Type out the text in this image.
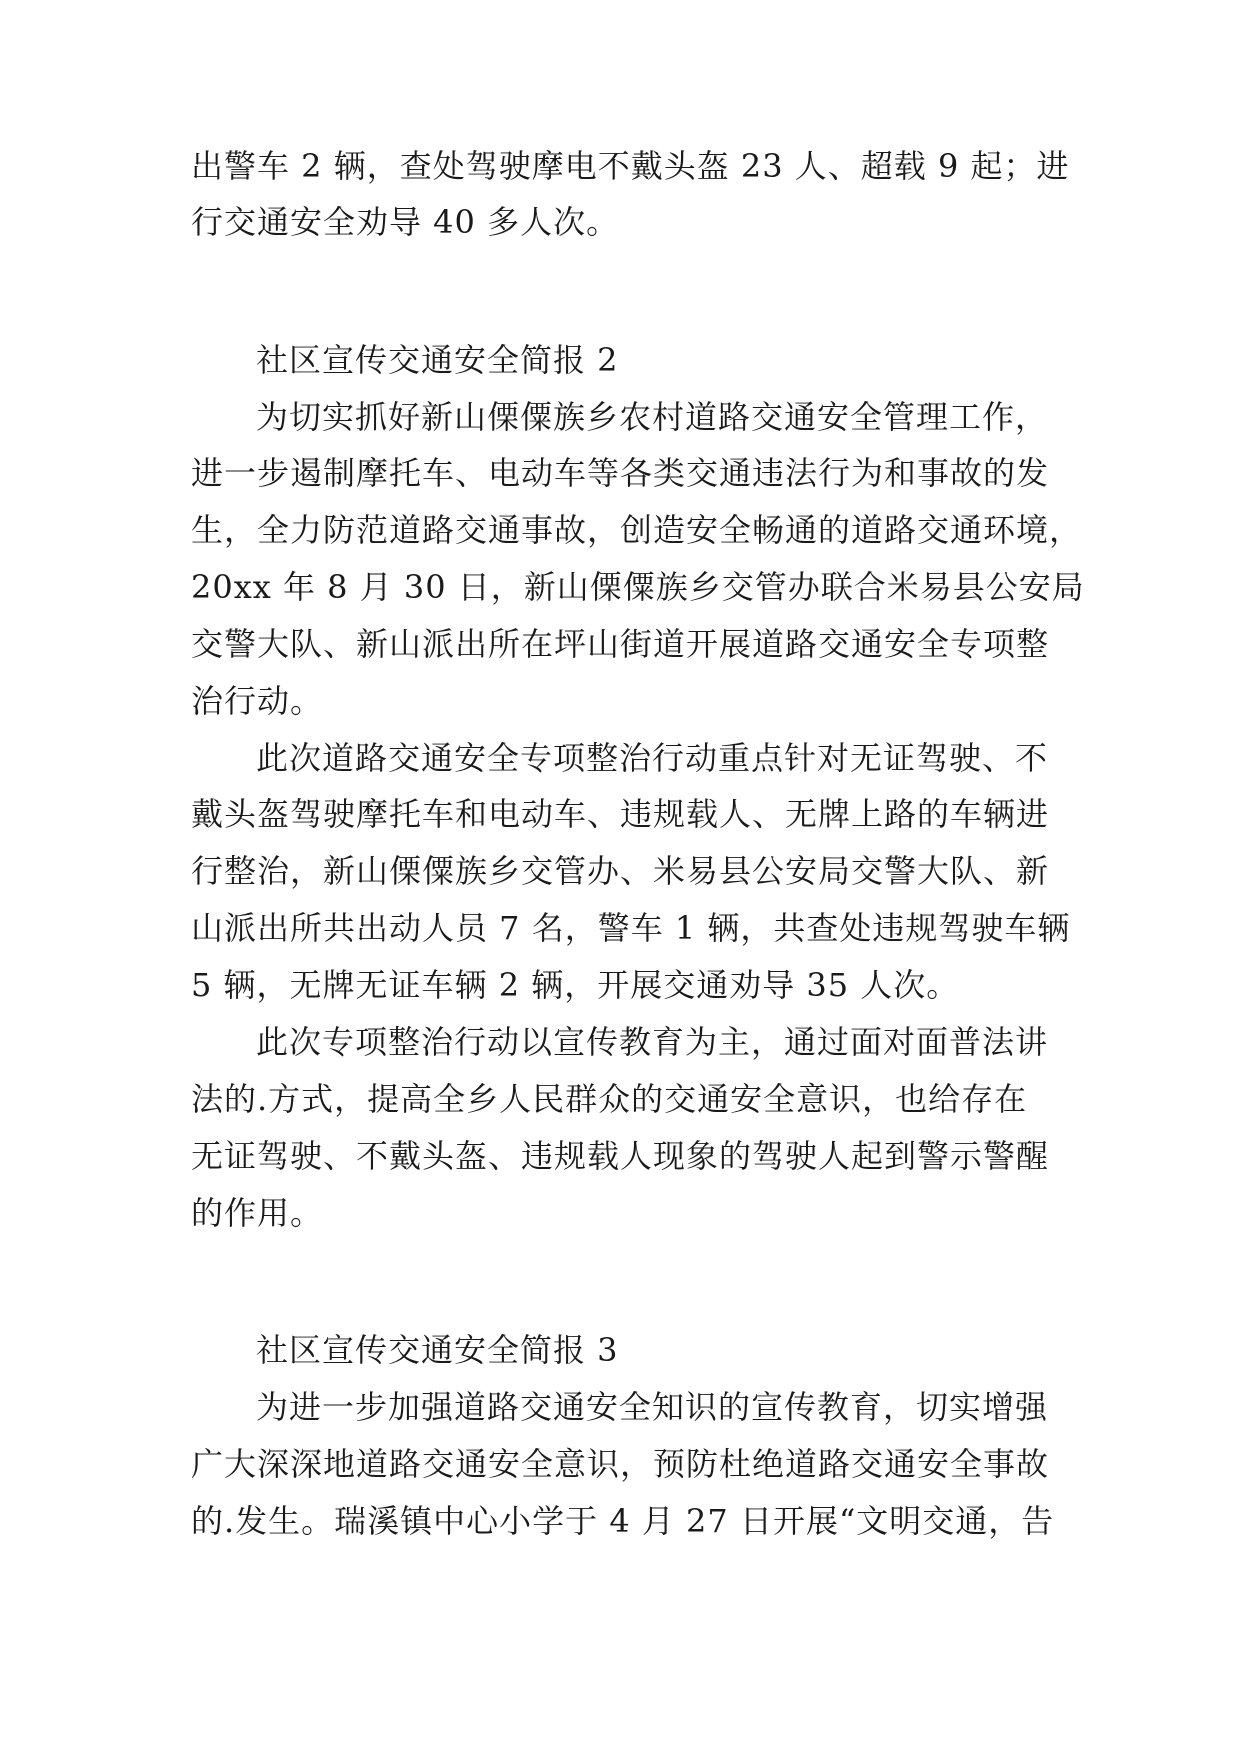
出警车 2 辆，查处驾驶摩电不戴头盔 23 人、超载 9 起；进

行交通安全劝导 40 多人次。

社区宣传交通安全简报 2

为切实抓好新山傈僳族乡农村道路交通安全管理工作，

进一步遏制摩托车、电动车等各类交通违法行为和事故的发

生，全力防范道路交通事故，创造安全畅通的道路交通环境，

20xx 年 8 月 30 日，新山傈僳族乡交管办联合米易县公安局

交警大队、新山派出所在坪山街道开展道路交通安全专项整

治行动。

此次道路交通安全专项整治行动重点针对无证驾驶、不

戴头盔驾驶摩托车和电动车、违规载人、无牌上路的车辆进

行整治，新山傈僳族乡交管办、米易县公安局交警大队、新

山派出所共出动人员 7 名，警车 1 辆，共查处违规驾驶车辆

5 辆，无牌无证车辆 2 辆，开展交通劝导 35 人次。

此次专项整治行动以宣传教育为主，通过面对面普法讲

法的.方式，提高全乡人民群众的交通安全意识，也给存在

无证驾驶、不戴头盔、违规载人现象的驾驶人起到警示警醒

的作用。

社区宣传交通安全简报 3

为进一步加强道路交通安全知识的宣传教育，切实增强

广大深深地道路交通安全意识，预防杜绝道路交通安全事故

的.发生。瑞溪镇中心小学于 4 月 27 日开展“文明交通，告
